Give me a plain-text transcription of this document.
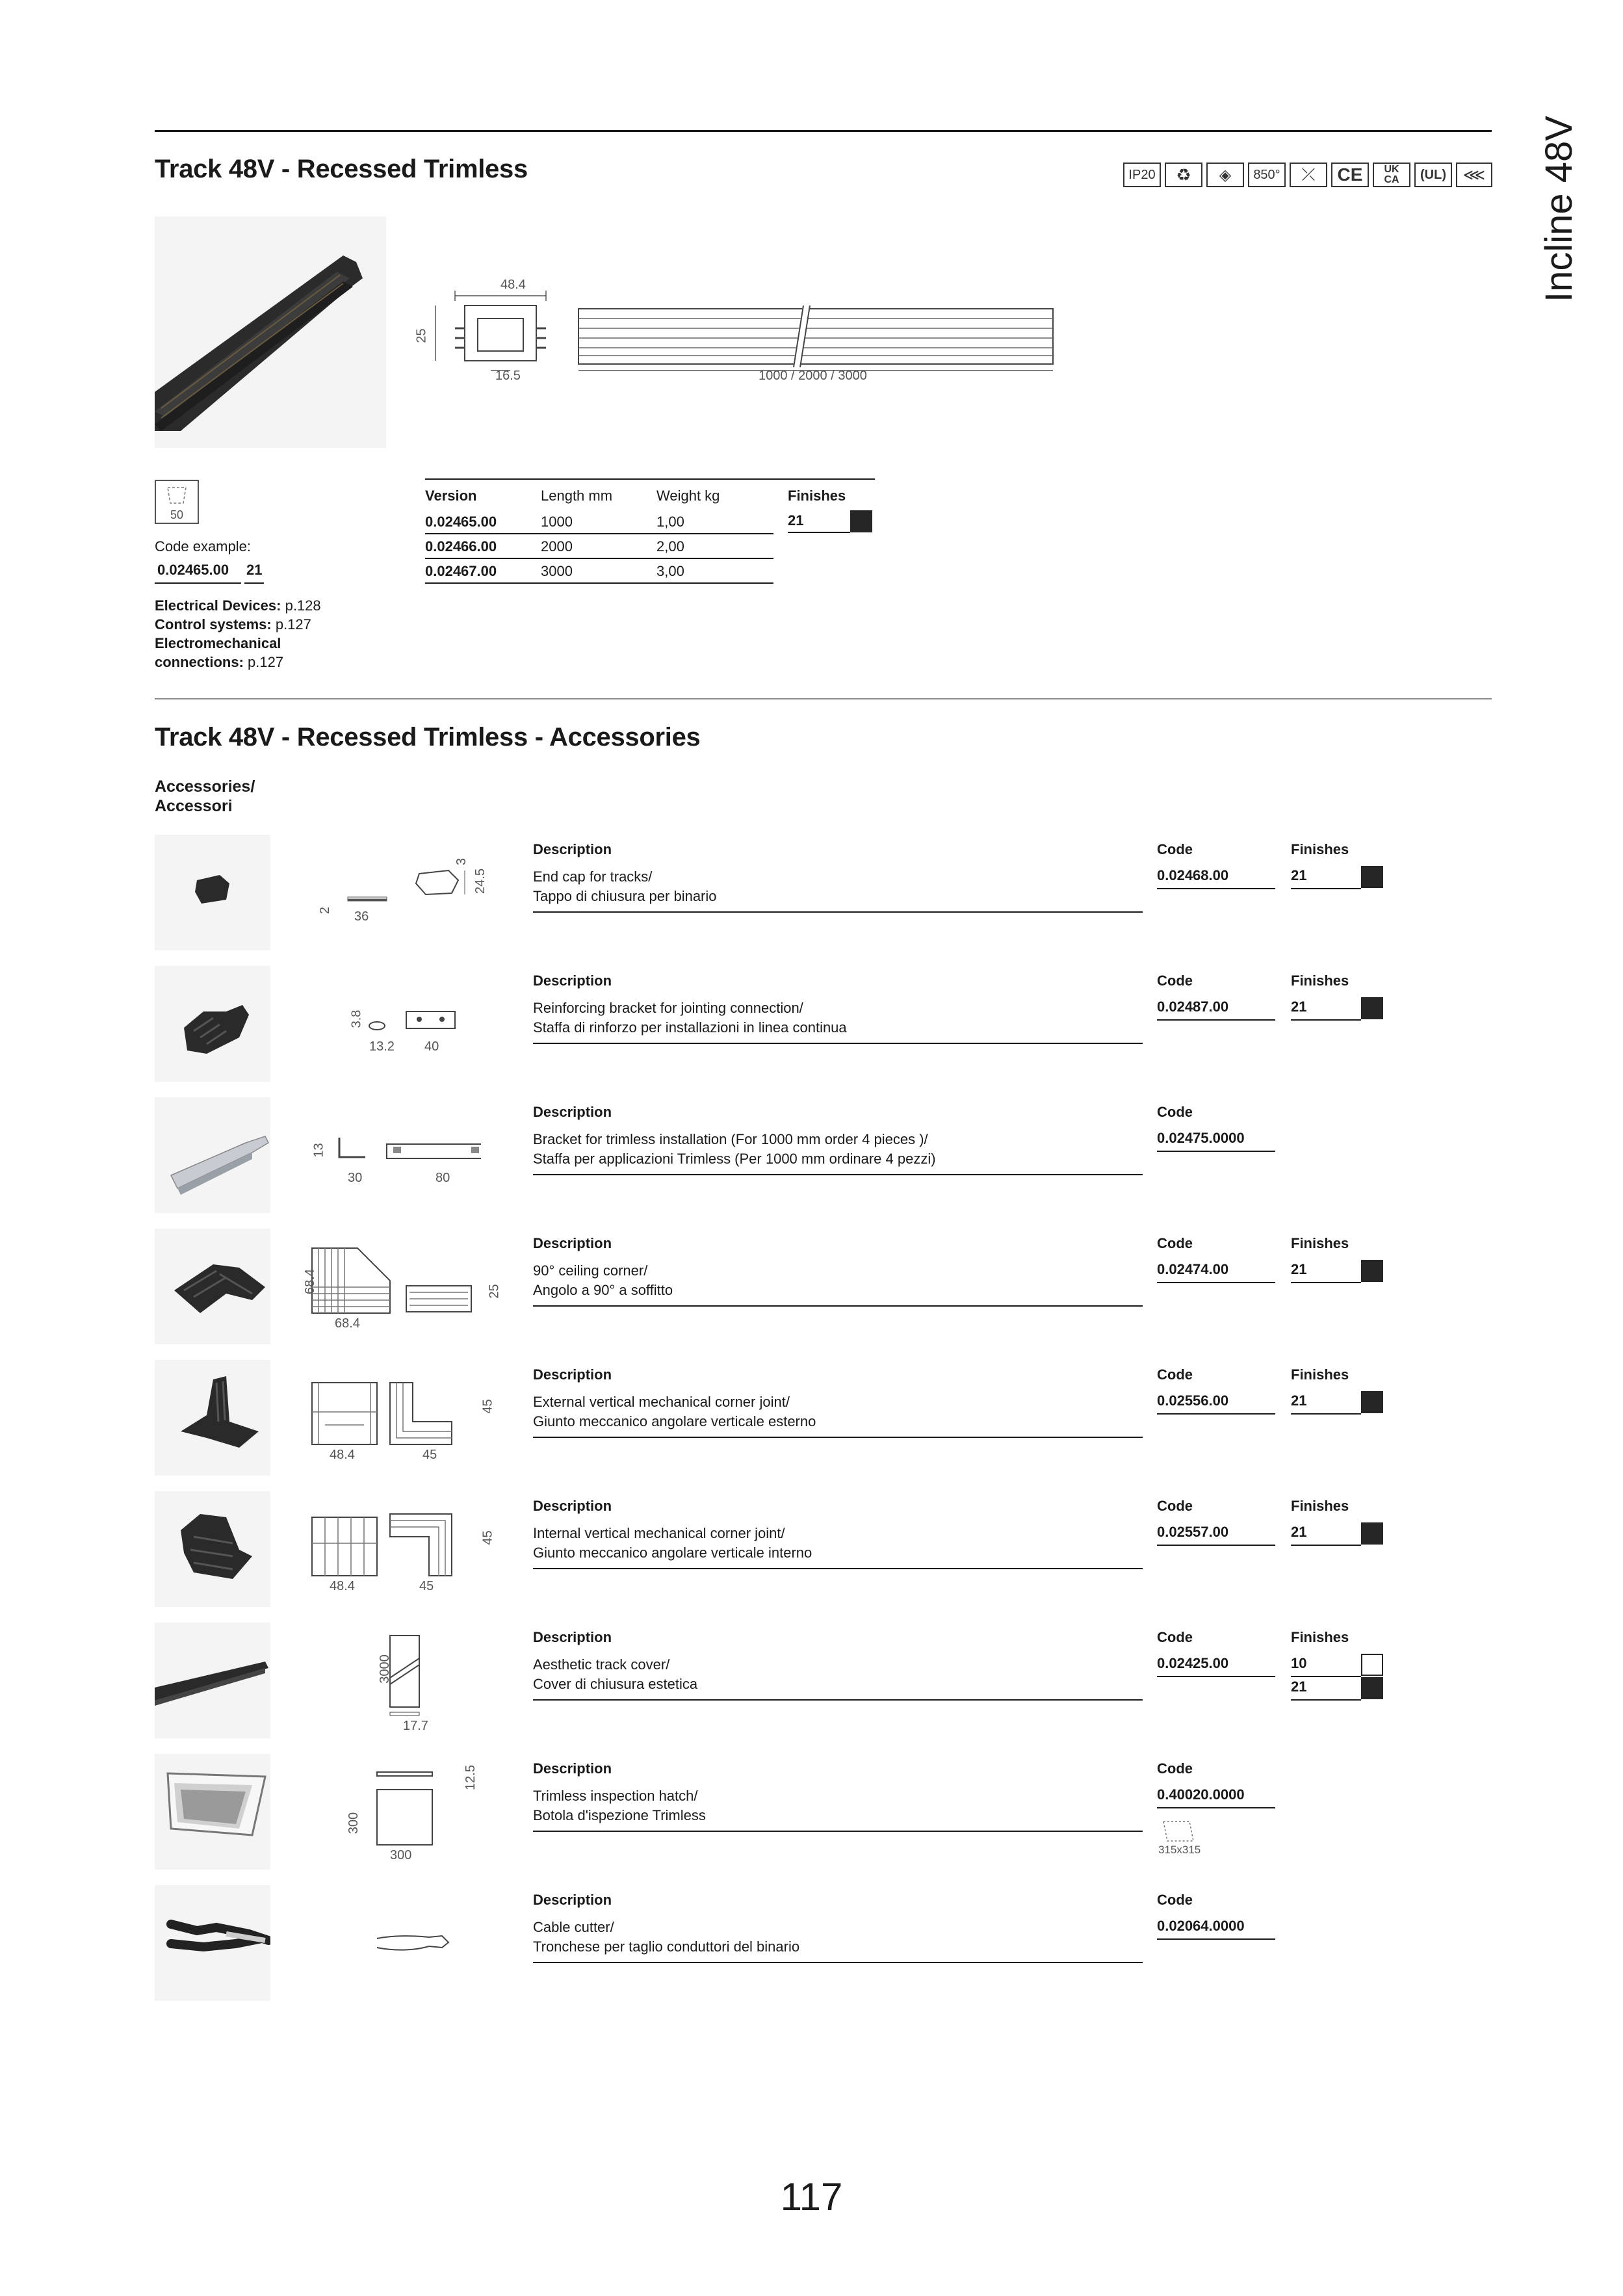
Incline 48V
Track 48V - Recessed Trimless	IP20	♻	◈	850°	⤫	CE	UK
CA	(UL)	⋘
48.4
25
16.5	1000 / 2000 / 3000
50
Code example:
0.02465.00 21
Electrical Devices: p.128
Control systems: p.127
Electromechanical connections: p.127
Version	Length mm	Weight kg
0.02465.00	1000	1,00
0.02466.00	2000	2,00
0.02467.00	3000	3,00
Finishes
21
Track 48V - Recessed Trimless - Accessories
Accessories/
Accessori
2 36
3
24.5
Description
End cap for tracks/
Tappo di chiusura per binario
Code
0.02468.00
Finishes
21
3.8
13.2 40
Description
Reinforcing bracket for jointing connection/
Staffa di rinforzo per installazioni in linea continua
Code
0.02487.00
Finishes
21
13
30	80
Description
Bracket for trimless installation (For 1000 mm order 4 pieces )/
Staffa per applicazioni Trimless (Per 1000 mm ordinare 4 pezzi)
Code
0.02475.0000
68.4
68.4
25
Description
90° ceiling corner/
Angolo a 90° a soffitto
Code
0.02474.00
Finishes
21
48.4	45
45
Description
External vertical mechanical corner joint/
Giunto meccanico angolare verticale esterno
Code
0.02556.00
Finishes
21
48.4	45
45
Description
Internal vertical mechanical corner joint/
Giunto meccanico angolare verticale interno
Code
0.02557.00
Finishes
21
3000
17.7
Description
Aesthetic track cover/
Cover di chiusura estetica
Code
0.02425.00
Finishes
10
21
12.5
300
300
Description
Trimless inspection hatch/
Botola d'ispezione Trimless
Code
0.40020.0000
315x315
Description
Cable cutter/
Tronchese per taglio conduttori del binario
Code
0.02064.0000
117
